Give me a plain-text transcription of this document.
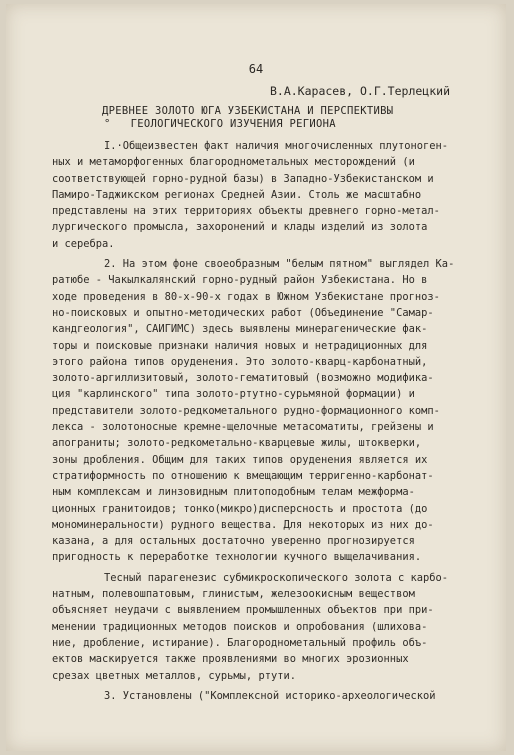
64
В.А.Карасев, О.Г.Терлецкий
ДРЕВНЕЕ ЗОЛОТО ЮГА УЗБЕКИСТАНА И ПЕРСПЕКТИВЫ
° ГЕОЛОГИЧЕСКОГО ИЗУЧЕНИЯ РЕГИОНА

I.·Общеизвестен факт наличия многочисленных плутоноген-

ных и метаморфогенных благороднометальных месторождений (и

соответствующей горно-рудной базы) в Западно-Узбекистанском и

Памиро-Таджикском регионах Средней Азии. Столь же масштабно

представлены на этих территориях объекты древнего горно-метал-

лургического промысла, захоронений и клады изделий из золота

и серебра.

2. На этом фоне своеобразным "белым пятном" выглядел Ка-

ратюбе - Чакылкалянский горно-рудный район Узбекистана. Но в

ходе проведения в 80-х-90-х годах в Южном Узбекистане прогноз-

но-поисковых и опытно-методических работ (Объединение "Самар-

кандгеология", САИГИМС) здесь выявлены минерагенические фак-

торы и поисковые признаки наличия новых и нетрадиционных для

этого района типов оруденения. Это золото-кварц-карбонатный,

золото-аргиллизитовый, золото-гематитовый (возможно модифика-

ция "карлинского" типа золото-ртутно-сурьмяной формации) и

представители золото-редкометального рудно-формационного комп-

лекса - золотоносные кремне-щелочные метасоматиты, грейзены и

апограниты; золото-редкометально-кварцевые жилы, штокверки,

зоны дробления. Общим для таких типов оруденения является их

стратиформность по отношению к вмещающим терригенно-карбонат-

ным комплексам и линзовидным плитоподобным телам межформа-

ционных гранитоидов; тонко(микро)дисперсность и простота (до

мономинеральности) рудного вещества. Для некоторых из них до-

казана, а для остальных достаточно уверенно прогнозируется

пригодность к переработке технологии кучного выщелачивания.

Тесный парагенезис субмикроскопического золота с карбо-

натным, полевошпатовым, глинистым, железоокисным веществом

объясняет неудачи с выявлением промышленных объектов при при-

менении традиционных методов поисков и опробования (шлихова-

ние, дробление, истирание). Благороднометальный профиль объ-

ектов маскируется также проявлениями во многих эрозионных

срезах цветных металлов, сурьмы, ртути.

3. Установлены ("Комплексной историко-археологической
